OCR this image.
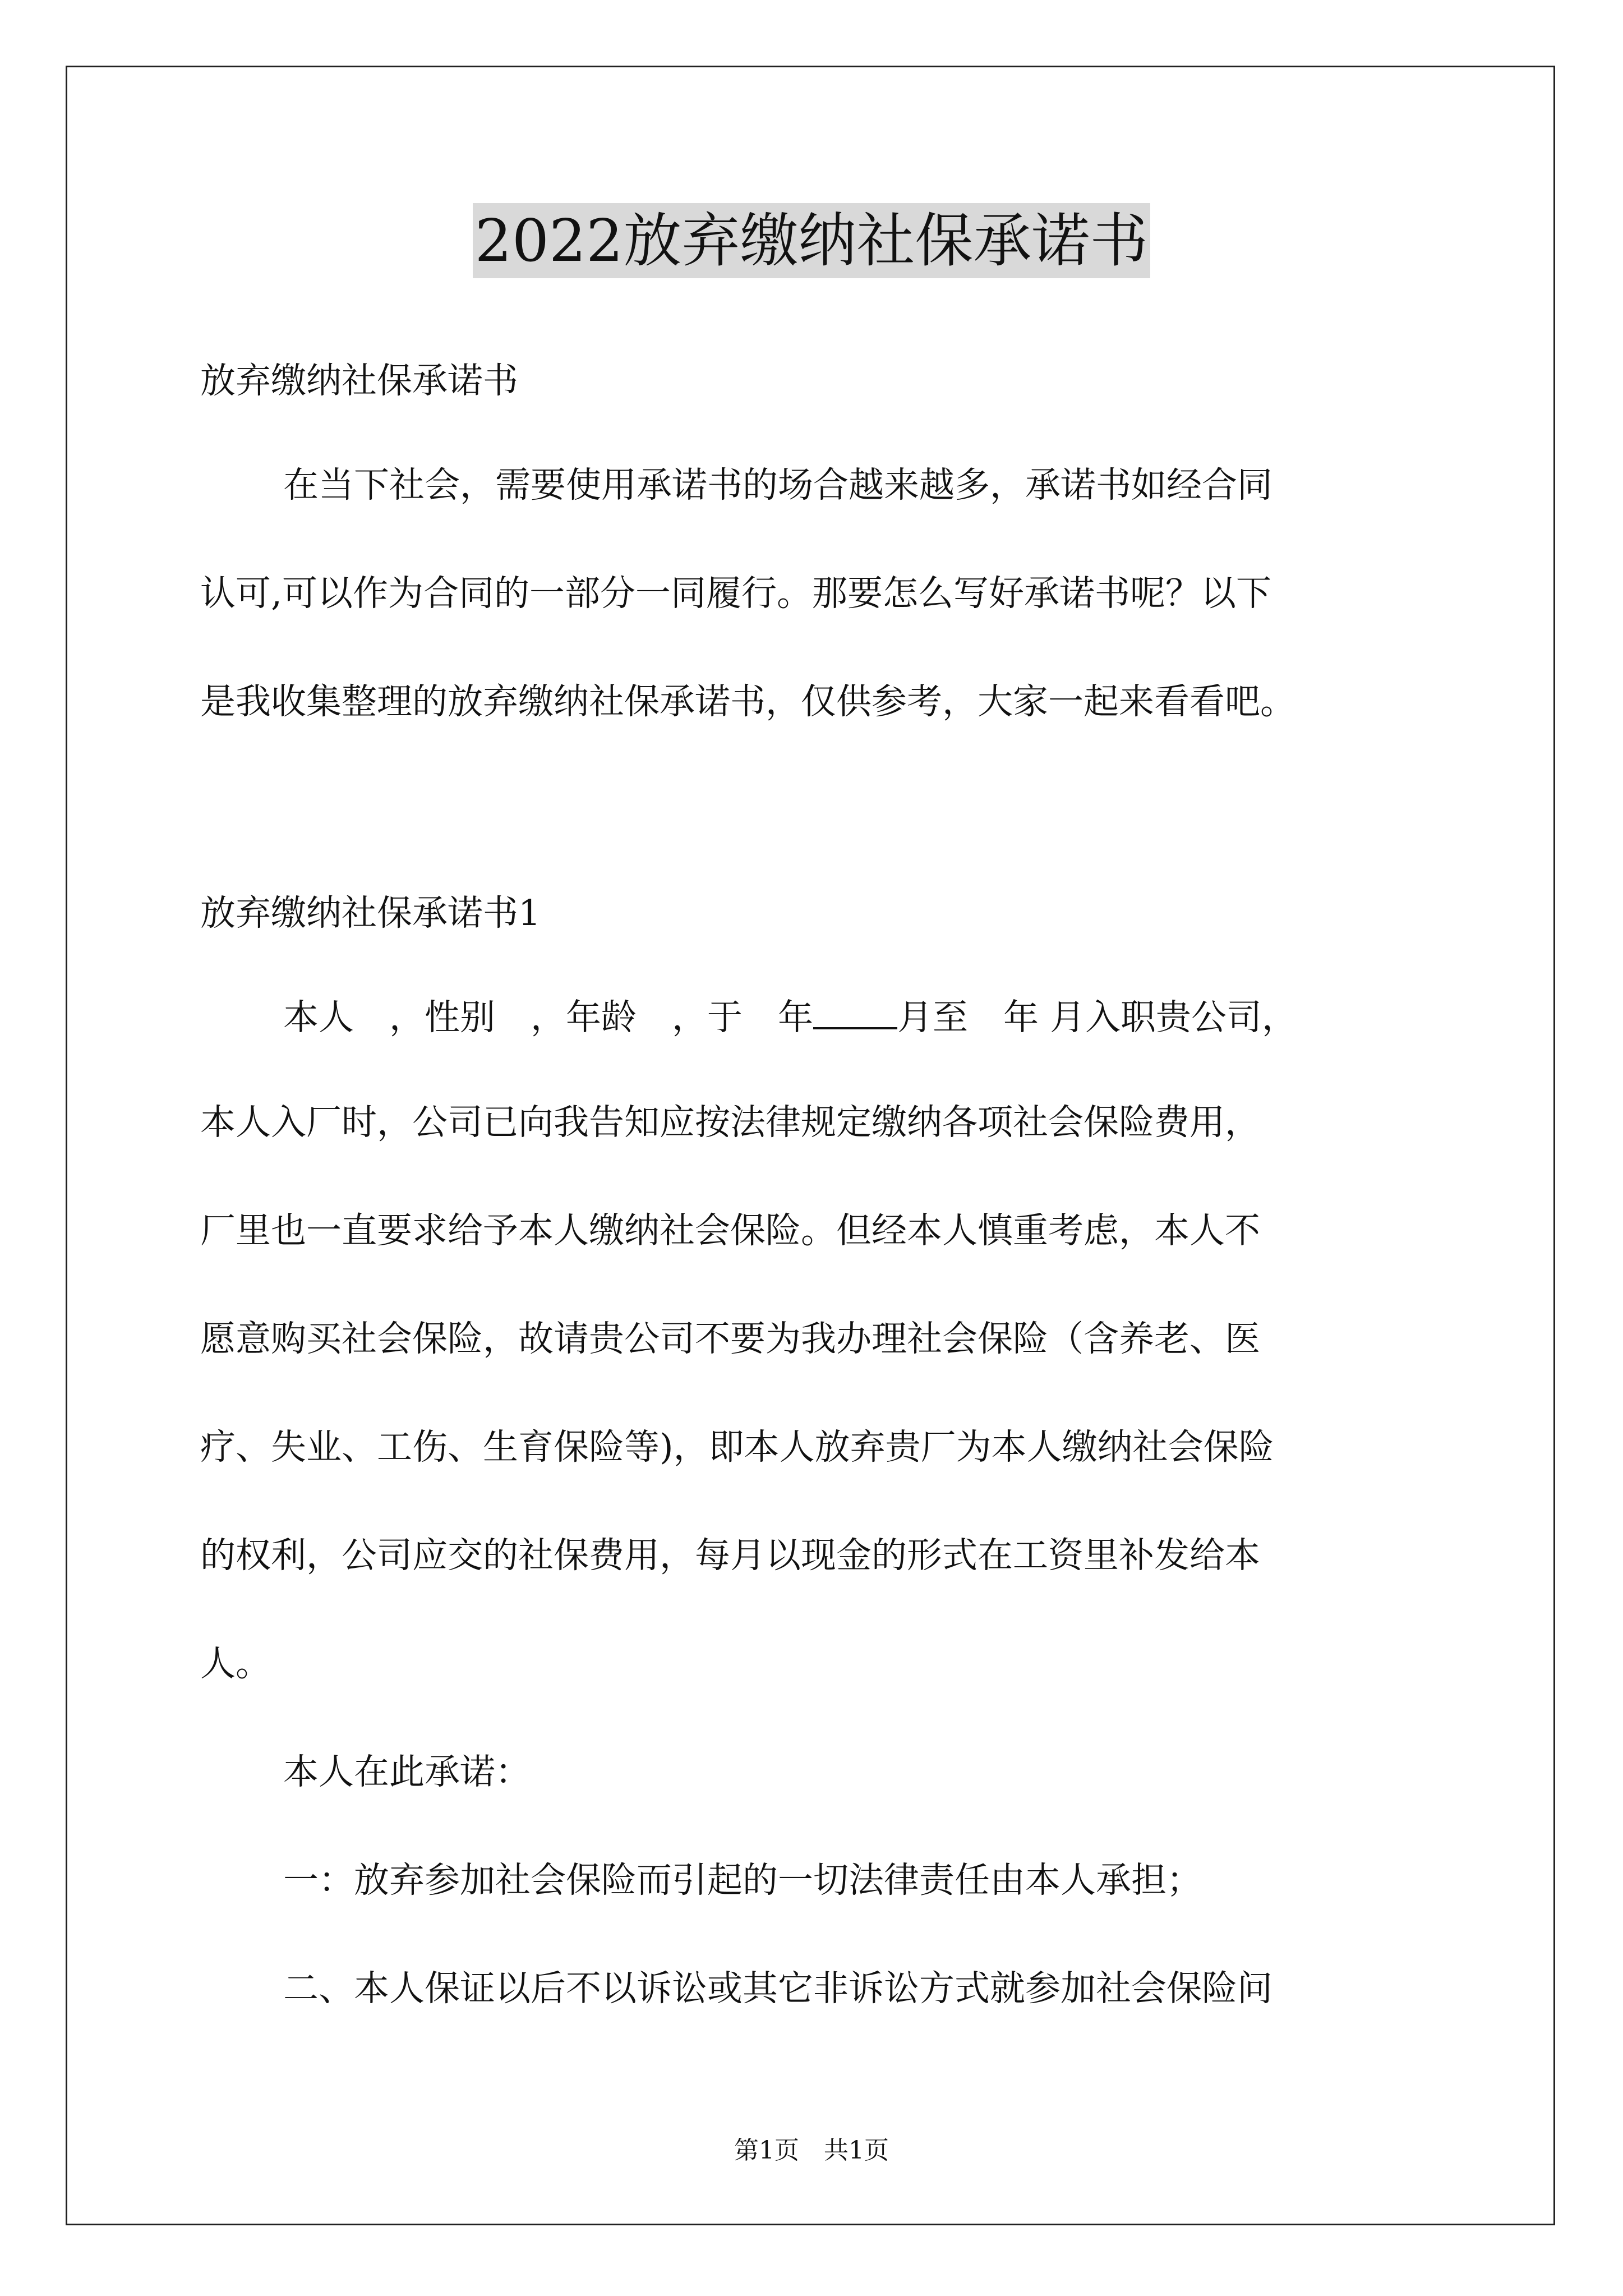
2022放弃缴纳社保承诺书

放弃缴纳社保承诺书

在当下社会，需要使用承诺书的场合越来越多，承诺书如经合同

认可,可以作为合同的一部分一同履行。那要怎么写好承诺书呢？以下

是我收集整理的放弃缴纳社保承诺书，仅供参考，大家一起来看看吧。

放弃缴纳社保承诺书1

本人　，性别　，年龄　，于　年 月至　年 月入职贵公司，

本人入厂时，公司已向我告知应按法律规定缴纳各项社会保险费用，

厂里也一直要求给予本人缴纳社会保险。但经本人慎重考虑，本人不

愿意购买社会保险，故请贵公司不要为我办理社会保险（含养老、医

疗、失业、工伤、生育保险等)，即本人放弃贵厂为本人缴纳社会保险

的权利，公司应交的社保费用，每月以现金的形式在工资里补发给本

人。

本人在此承诺：

一：放弃参加社会保险而引起的一切法律责任由本人承担；

二、本人保证以后不以诉讼或其它非诉讼方式就参加社会保险问

第1页　共1页
